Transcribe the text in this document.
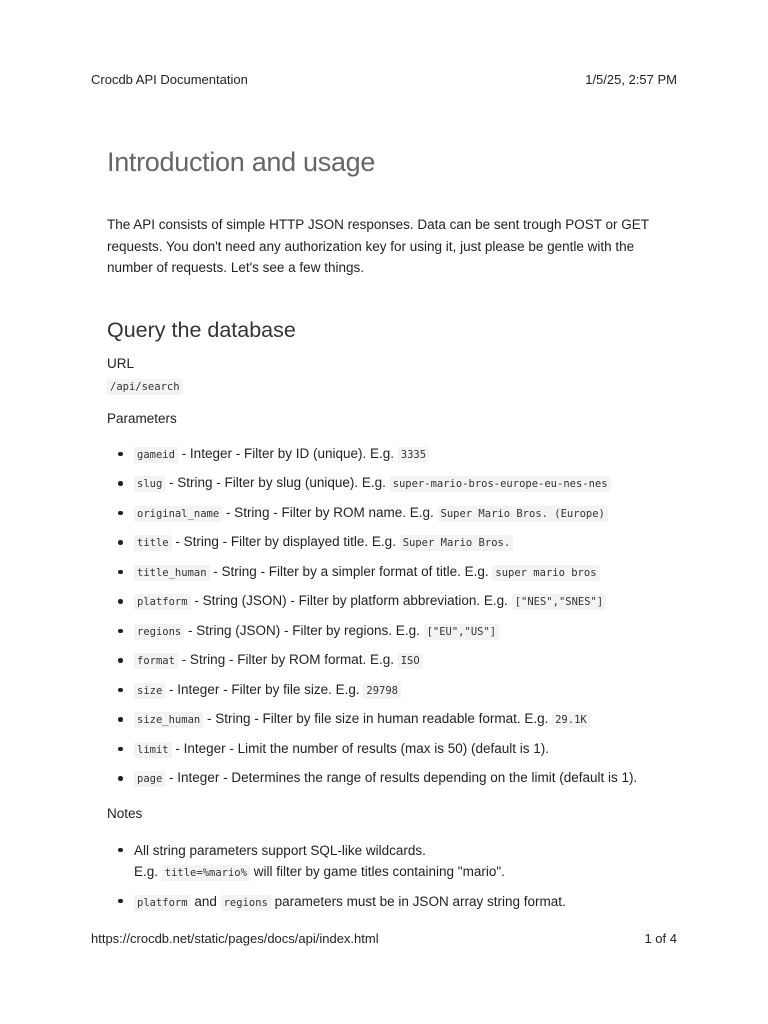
Crocdb API Documentation	1/5/25, 2:57 PM
Introduction and usage

The API consists of simple HTTP JSON responses. Data can be sent trough POST or GET requests. You don't need any authorization key for using it, just please be gentle with the number of requests. Let's see a few things.

Query the database
URL
/api/search
Parameters
gameid - Integer - Filter by ID (unique). E.g. 3335
slug - String - Filter by slug (unique). E.g. super-mario-bros-europe-eu-nes-nes
original_name - String - Filter by ROM name. E.g. Super Mario Bros. (Europe)
title - String - Filter by displayed title. E.g. Super Mario Bros.
title_human - String - Filter by a simpler format of title. E.g. super mario bros
platform - String (JSON) - Filter by platform abbreviation. E.g. ["NES","SNES"]
regions - String (JSON) - Filter by regions. E.g. ["EU","US"]
format - String - Filter by ROM format. E.g. ISO
size - Integer - Filter by file size. E.g. 29798
size_human - String - Filter by file size in human readable format. E.g. 29.1K
limit - Integer - Limit the number of results (max is 50) (default is 1).
page - Integer - Determines the range of results depending on the limit (default is 1).
Notes
All string parameters support SQL-like wildcards.
E.g. title=%mario% will filter by game titles containing "mario".
platform and regions parameters must be in JSON array string format.
https://crocdb.net/static/pages/docs/api/index.html	1 of 4
